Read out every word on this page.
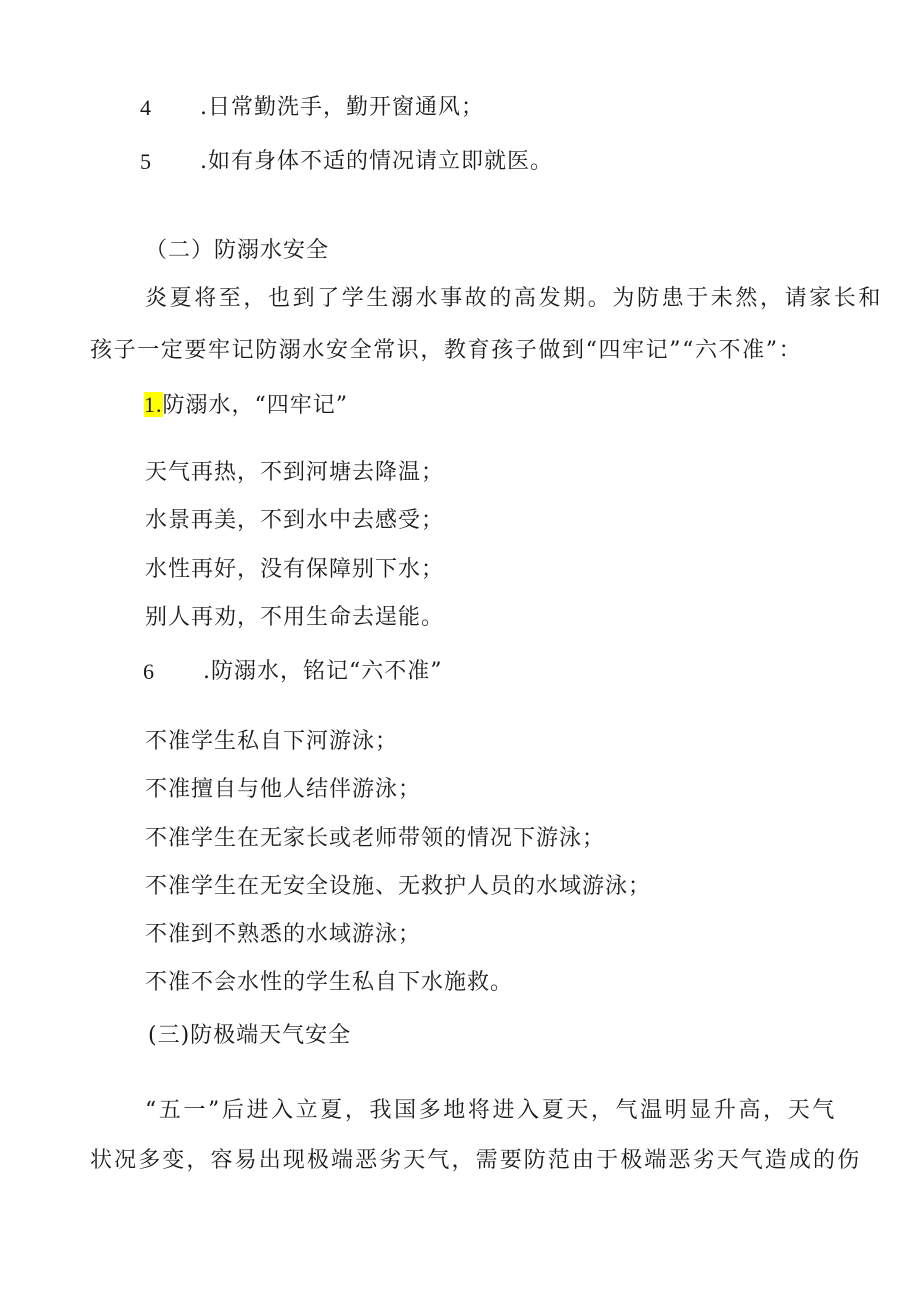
4 .日常勤洗手，勤开窗通风；
5 .如有身体不适的情况请立即就医。
（二）防溺水安全
炎夏将至，也到了学生溺水事故的高发期。为防患于未然，请家长和
孩子一定要牢记防溺水安全常识，教育孩子做到“四牢记”“六不准”：
1.防溺水，“四牢记”
天气再热，不到河塘去降温；
水景再美，不到水中去感受；
水性再好，没有保障别下水；
别人再劝，不用生命去逞能。
6 .防溺水，铭记“六不准”
不准学生私自下河游泳；
不准擅自与他人结伴游泳；
不准学生在无家长或老师带领的情况下游泳；
不准学生在无安全设施、无救护人员的水域游泳；
不准到不熟悉的水域游泳；
不准不会水性的学生私自下水施救。
(三)防极端天气安全
“五一”后进入立夏，我国多地将进入夏天，气温明显升高，天气
状况多变，容易出现极端恶劣天气，需要防范由于极端恶劣天气造成的伤
